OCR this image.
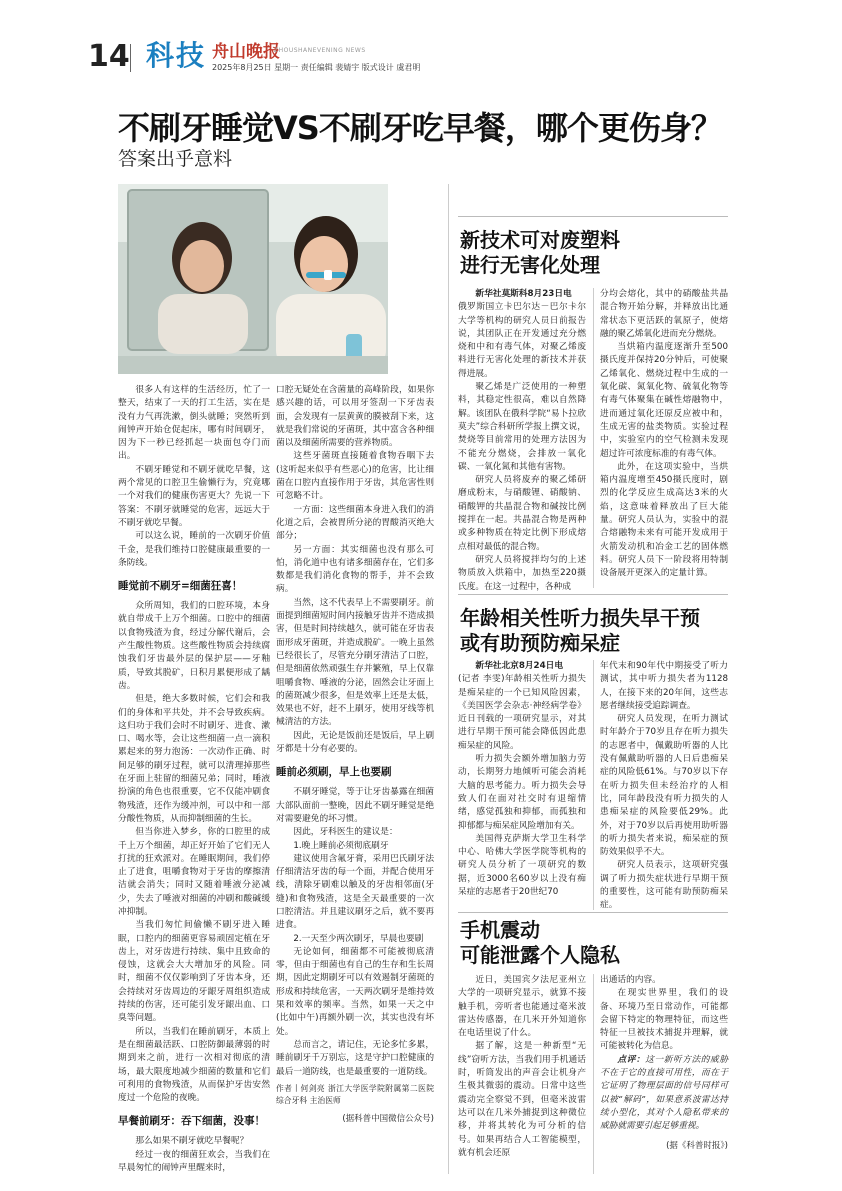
14 科技 舟山晚报
ZHOUSHANEVENING NEWS
2025年8月25日 星期一 责任编辑 裴婧宇 版式设计 虞君明
不刷牙睡觉VS不刷牙吃早餐，哪个更伤身？
答案出乎意料

很多人有这样的生活经历，忙了一整天，结束了一天的打工生活，实在是没有力气再洗漱，倒头就睡；突然听到闹钟声开始仓促起床，哪有时间刷牙，因为下一秒已经抓起一块面包夺门而出。

不刷牙睡觉和不刷牙就吃早餐，这两个常见的口腔卫生偷懒行为，究竟哪一个对我们的健康伤害更大？先说一下答案：不刷牙就睡觉的危害，远远大于不刷牙就吃早餐。

可以这么说，睡前的一次刷牙价值千金，是我们维持口腔健康最重要的一条防线。

睡觉前不刷牙=细菌狂喜！

众所周知，我们的口腔环境，本身就自带成千上万个细菌。口腔中的细菌以食物残渣为食，经过分解代谢后，会产生酸性物质。这些酸性物质会持续腐蚀我们牙齿最外层的保护层——牙釉质，导致其脱矿，日积月累便形成了龋齿。

但是，绝大多数时候，它们会和我们的身体和平共处，并不会导致疾病。这归功于我们会时不时刷牙、进食、漱口、喝水等，会让这些细菌一点一滴积累起来的努力泡汤：一次动作正确、时间足够的刷牙过程，就可以清理掉那些在牙面上驻留的细菌兄弟；同时，唾液扮演的角色也很重要，它不仅能冲刷食物残渣，还作为缓冲剂，可以中和一部分酸性物质，从而抑制细菌的生长。

但当你进入梦乡，你的口腔里的成千上万个细菌，却正好开始了它们无人打扰的狂欢派对。在睡眠期间，我们停止了进食，咀嚼食物对于牙齿的摩擦清洁就会消失；同时又随着唾液分泌减少，失去了唾液对细菌的冲刷和酸碱缓冲抑制。

当我们匆忙间偷懒不刷牙进入睡眠，口腔内的细菌更容易顽固定植在牙齿上，对牙齿进行持续、集中且致命的侵蚀，这就会大大增加牙的风险。同时，细菌不仅仅影响到了牙齿本身，还会持续对牙齿周边的牙龈牙周组织造成持续的伤害，还可能引发牙龈出血、口臭等问题。

所以，当我们在睡前刷牙，本质上是在细菌最活跃、口腔防御最薄弱的时期到来之前，进行一次相对彻底的清场，最大限度地减少细菌的数量和它们可利用的食物残渣，从而保护牙齿安然度过一个危险的夜晚。

早餐前刷牙：吞下细菌，没事！

那么如果不刷牙就吃早餐呢？

经过一夜的细菌狂欢会，当我们在早晨匆忙的闹钟声里醒来时，

口腔无疑处在含菌量的高峰阶段，如果你感兴趣的话，可以用牙签刮一下牙齿表面，会发现有一层黄黄的膜被刮下来，这就是我们常说的牙菌斑，其中富含各种细菌以及细菌所需要的营养物质。

这些牙菌斑直接随着食物吞咽下去(这听起来似乎有些恶心)的危害，比让细菌在口腔内直接作用于牙齿，其危害性则可忽略不计。

一方面：这些细菌本身进入我们的消化道之后，会被胃所分泌的胃酸消灭绝大部分；

另一方面：其实细菌也没有那么可怕，消化道中也有诸多细菌存在，它们多数都是我们消化食物的帮手，并不会致病。

当然，这不代表早上不需要刷牙。前面提到细菌短时间内接触牙齿并不造成损害，但是时间持续越久，就可能在牙齿表面形成牙菌斑，并造成脱矿。一晚上虽然已经很长了，尽管充分刷牙清洁了口腔，但是细菌依然顽强生存并繁殖，早上仅靠咀嚼食物、唾液的分泌，固然会让牙面上的菌斑减少很多，但是效率上还是太低，效果也不好，赶不上刷牙，使用牙线等机械清洁的方法。

因此，无论是饭前还是饭后，早上刷牙都是十分有必要的。

睡前必须刷，早上也要刷

不刷牙睡觉，等于让牙齿暴露在细菌大部队面前一整晚，因此不刷牙睡觉是绝对需要避免的坏习惯。

因此，牙科医生的建议是：

1.晚上睡前必须彻底刷牙

建议使用含氟牙膏，采用巴氏刷牙法仔细清洁牙齿的每一个面，并配合使用牙线，清除牙刷难以触及的牙齿相邻面(牙缝)和食物残渣，这是全天最重要的一次口腔清洁。并且建议刷牙之后，就不要再进食。

2.一天至少两次刷牙，早晨也要刷

无论如何，细菌都不可能被彻底清零，但由于细菌也有自己的生存和生长周期，因此定期刷牙可以有效遏制牙菌斑的形成和持续危害，一天两次刷牙是维持效果和效率的频率。当然，如果一天之中(比如中午)再额外刷一次，其实也没有坏处。

总而言之，请记住，无论多忙多累，睡前刷牙千万别忘，这是守护口腔健康的最后一道防线，也是最重要的一道防线。

作者丨何剑亮 浙江大学医学院附属第二医院 综合牙科 主治医师

(据科普中国微信公众号)

新技术可对废塑料
进行无害化处理

新华社莫斯科8月23日电

俄罗斯国立卡巴尔达－巴尔卡尔大学等机构的研究人员日前报告说，其团队正在开发通过充分燃烧和中和有毒气体，对聚乙烯废料进行无害化处理的新技术并获得进展。

聚乙烯是广泛使用的一种塑料，其稳定性很高，难以自然降解。该团队在俄科学院“易卜拉欣莫夫”综合科研所学报上撰文说，焚烧等目前常用的处理方法因为不能充分燃烧，会排放一氧化碳、一氧化氮和其他有害物。

研究人员将废弃的聚乙烯研磨成粉末，与硝酸锂、硝酸钠、硝酸钾的共晶混合物和碱按比例搅拌在一起。共晶混合物是两种或多种物质在特定比例下形成熔点相对最低的混合物。

研究人员将搅拌均匀的上述物质放入烘箱中，加热至220摄氏度。在这一过程中，各种成

分均会熔化，其中的硝酸盐共晶混合物开始分解，并释放出比通常状态下更活跃的氧原子，使熔融的聚乙烯氧化进而充分燃烧。

当烘箱内温度逐渐升至500摄氏度并保持20分钟后，可使聚乙烯氧化、燃烧过程中生成的一氧化碳、氮氧化物、硫氧化物等有毒气体聚集在碱性熔融物中，进而通过氧化还原反应被中和，生成无害的盐类物质。实验过程中，实验室内的空气检测未发现超过许可浓度标准的有毒气体。

此外，在这项实验中，当烘箱内温度增至450摄氏度时，剧烈的化学反应生成高达3米的火焰，这意味着释放出了巨大能量。研究人员认为，实验中的混合熔融物未来有可能开发成用于火箭发动机和冶金工艺的固体燃料。研究人员下一阶段将用特制设备展开更深入的定量计算。

年龄相关性听力损失早干预
或有助预防痴呆症

新华社北京8月24日电

(记者 李雯)年龄相关性听力损失是痴呆症的一个已知风险因素，《美国医学会杂志·神经病学卷》近日刊载的一项研究显示，对其进行早期干预可能会降低因此患痴呆症的风险。

听力损失会额外增加脑力劳动，长期努力地倾听可能会消耗大脑的思考能力。听力损失会导致人们在面对社交时有退缩情绪，感觉孤独和抑郁，而孤独和抑郁都与痴呆症风险增加有关。

美国得克萨斯大学卫生科学中心、哈佛大学医学院等机构的研究人员分析了一项研究的数据，近3000名60岁以上没有痴呆症的志愿者于20世纪70

年代末和90年代中期接受了听力测试，其中听力损失者为1128人，在接下来的20年间，这些志愿者继续接受追踪调查。

研究人员发现，在听力测试时年龄介于70岁且存在听力损失的志愿者中，佩戴助听器的人比没有佩戴助听器的人日后患痴呆症的风险低61%。与70岁以下存在听力损失但未经治疗的人相比，同年龄段没有听力损失的人患痴呆症的风险要低29%。此外，对于70岁以后再使用助听器的听力损失者来说，痴呆症的预防效果似乎不大。

研究人员表示，这项研究强调了听力损失症状进行早期干预的重要性，这可能有助预防痴呆症。

手机震动
可能泄露个人隐私

近日，美国宾夕法尼亚州立大学的一项研究显示，就算不接触手机，旁听者也能通过毫米波雷达传感器，在几米开外知道你在电话里说了什么。

据了解，这是一种新型“无线”窃听方法，当我们用手机通话时，听筒发出的声音会让机身产生极其微弱的震动。日常中这些震动完全察觉不到，但毫米波雷达可以在几米外捕捉到这种微位移，并将其转化为可分析的信号。如果再结合人工智能模型，就有机会还原

出通话的内容。

在现实世界里，我们的设备、环境乃至日常动作，可能都会留下特定的物理特征，而这些特征一旦被技术捕捉并理解，就可能被转化为信息。

点评：这一新听方法的威胁不在于它的直接可用性，而在于它证明了物理层面的信号同样可以被“解码”，如果意系波雷达持续小型化，其对个人隐私带来的威胁就需要引起足够重视。

(据《科普时报》)
